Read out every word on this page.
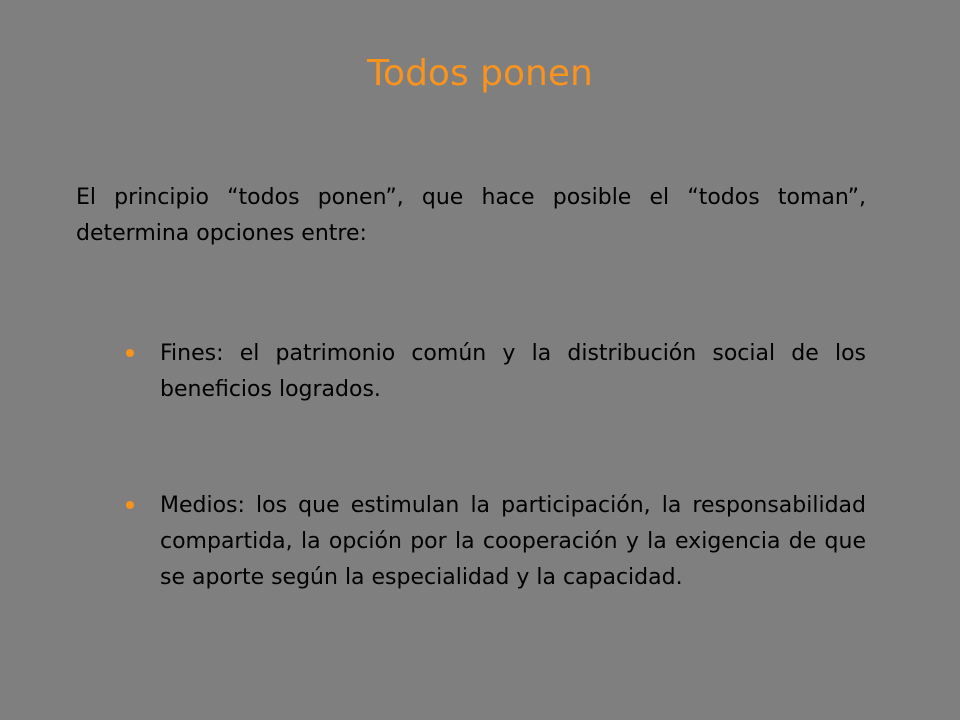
Todos ponen
El principio “todos ponen”, que hace posible el “todos toman”, determina opciones entre:
Fines: el patrimonio común y la distribución social de los beneficios logrados.
Medios: los que estimulan la participación, la responsabilidad compartida, la opción por la cooperación y la exigencia de que se aporte según la especialidad y la capacidad.
